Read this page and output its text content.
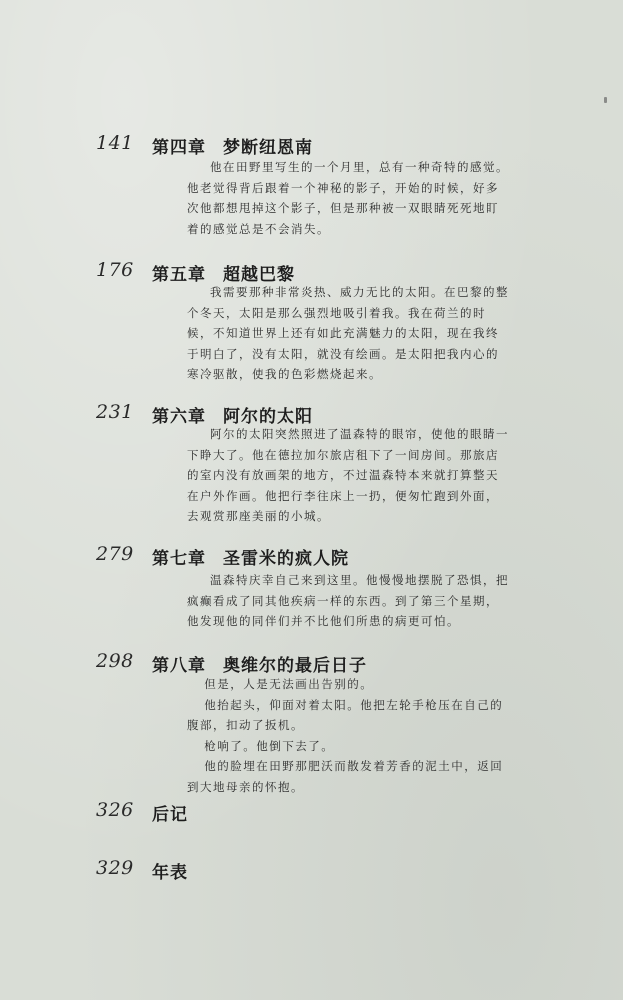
141	第四章 梦断纽恩南

他在田野里写生的一个月里，总有一种奇特的感觉。他老觉得背后跟着一个神秘的影子，开始的时候，好多次他都想甩掉这个影子，但是那种被一双眼睛死死地盯着的感觉总是不会消失。

176	第五章 超越巴黎

我需要那种非常炎热、威力无比的太阳。在巴黎的整个冬天，太阳是那么强烈地吸引着我。我在荷兰的时候，不知道世界上还有如此充满魅力的太阳，现在我终于明白了，没有太阳，就没有绘画。是太阳把我内心的寒冷驱散，使我的色彩燃烧起来。

231	第六章 阿尔的太阳

阿尔的太阳突然照进了温森特的眼帘，使他的眼睛一下睁大了。他在德拉加尔旅店租下了一间房间。那旅店的室内没有放画架的地方，不过温森特本来就打算整天在户外作画。他把行李往床上一扔，便匆忙跑到外面，去观赏那座美丽的小城。

279	第七章 圣雷米的疯人院

温森特庆幸自己来到这里。他慢慢地摆脱了恐惧，把疯癫看成了同其他疾病一样的东西。到了第三个星期，他发现他的同伴们并不比他们所患的病更可怕。

298	第八章 奥维尔的最后日子

但是，人是无法画出告别的。

他抬起头，仰面对着太阳。他把左轮手枪压在自己的腹部，扣动了扳机。

枪响了。他倒下去了。

他的脸埋在田野那肥沃而散发着芳香的泥土中，返回到大地母亲的怀抱。

326	后记
329	年表
